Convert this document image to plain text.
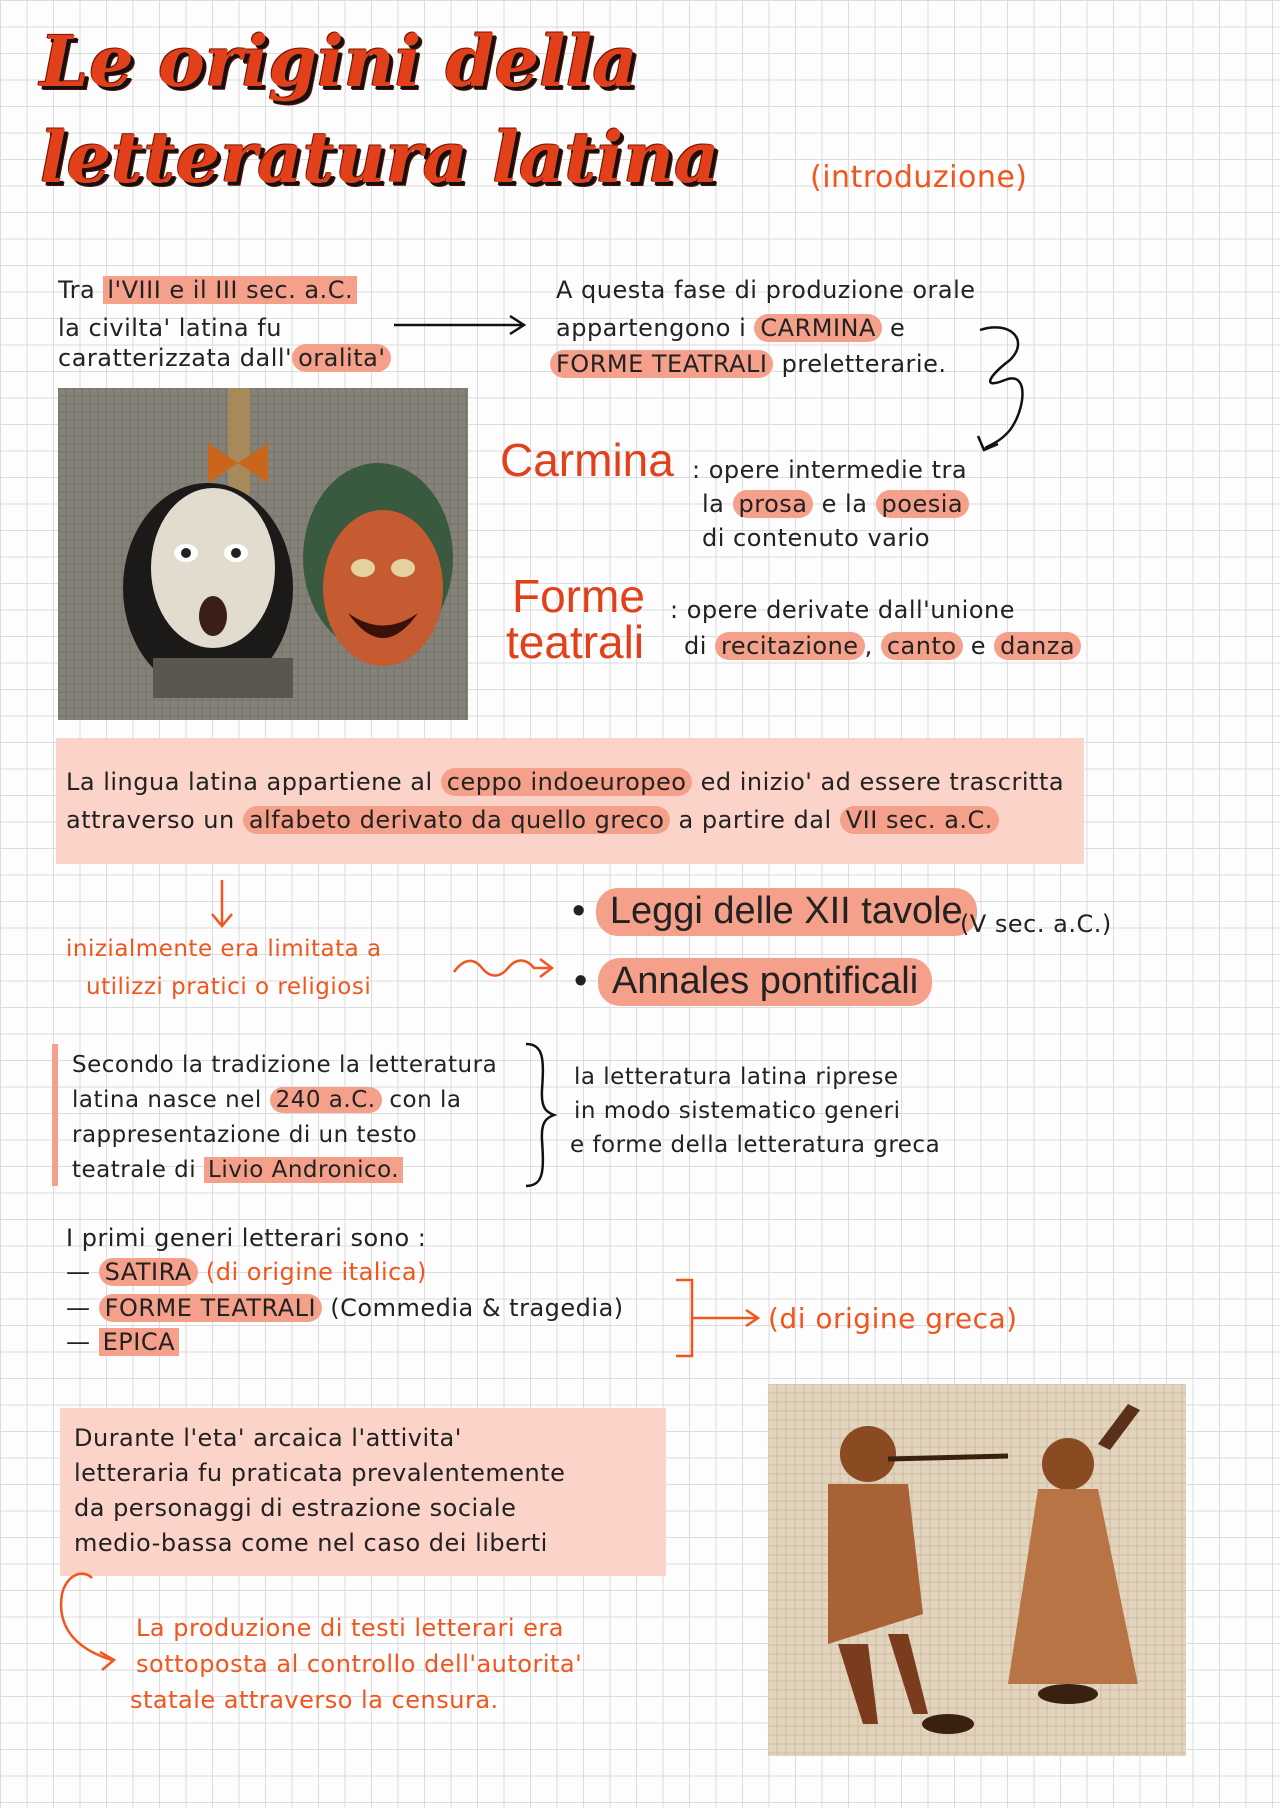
Le origini della
letteratura latina	(introduzione)
Tra l'VIII e il III sec. a.C.
la civilta' latina fu
caratterizzata dall' oralita'
A questa fase di produzione orale
appartengono i CARMINA e
FORME TEATRALI preletterarie.
Carmina : opere intermedie tra
la prosa e la poesia
di contenuto vario
Forme
teatrali
: opere derivate dall'unione
di recitazione , canto e danza
La lingua latina appartiene al ceppo indoeuropeo ed inizio' ad essere trascritta
attraverso un alfabeto derivato da quello greco a partire dal VII sec. a.C.
inizialmente era limitata a
utilizzi pratici o religiosi
• Leggi delle XII tavole
(V sec. a.C.)
• Annales pontificali
Secondo la tradizione la letteratura
latina nasce nel 240 a.C. con la
rappresentazione di un testo
teatrale di Livio Andronico.
la letteratura latina riprese
in modo sistematico generi
e forme della letteratura greca
I primi generi letterari sono :
— SATIRA (di origine italica)
— FORME TEATRALI (Commedia & tragedia)
— EPICA
(di origine greca)
Durante l'eta' arcaica l'attivita'
letteraria fu praticata prevalentemente
da personaggi di estrazione sociale
medio-bassa come nel caso dei liberti
La produzione di testi letterari era
sottoposta al controllo dell'autorita'
statale attraverso la censura.
